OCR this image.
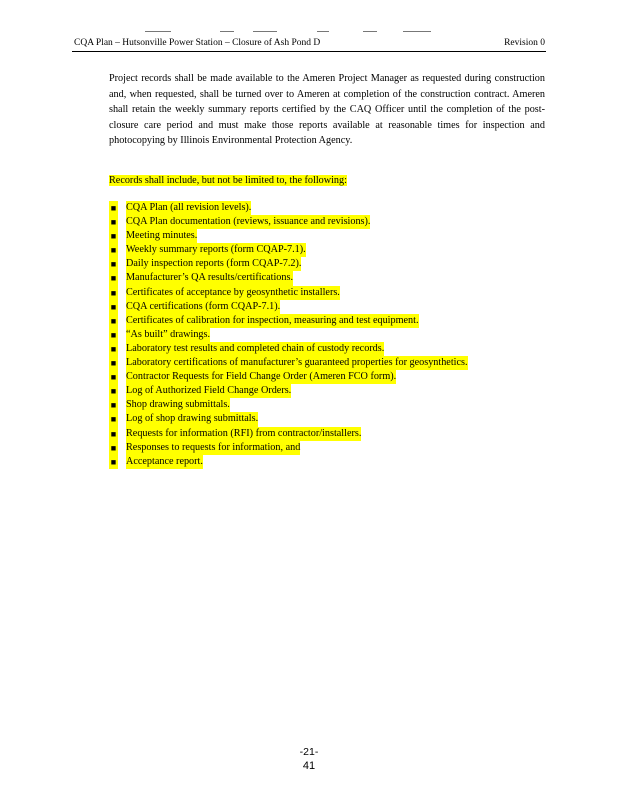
CQA Plan – Hutsonville Power Station – Closure of Ash Pond D	Revision 0
Project records shall be made available to the Ameren Project Manager as requested during construction and, when requested, shall be turned over to Ameren at completion of the construction contract. Ameren shall retain the weekly summary reports certified by the CAQ Officer until the completion of the post-closure care period and must make those reports available at reasonable times for inspection and photocopying by Illinois Environmental Protection Agency.
Records shall include, but not be limited to, the following:
■ CQA Plan (all revision levels).
■ CQA Plan documentation (reviews, issuance and revisions).
■ Meeting minutes.
■ Weekly summary reports (form CQAP-7.1).
■ Daily inspection reports (form CQAP-7.2).
■ Manufacturer’s QA results/certifications.
■ Certificates of acceptance by geosynthetic installers.
■ CQA certifications (form CQAP-7.1).
■ Certificates of calibration for inspection, measuring and test equipment.
■ “As built” drawings.
■ Laboratory test results and completed chain of custody records.
■ Laboratory certifications of manufacturer’s guaranteed properties for geosynthetics.
■ Contractor Requests for Field Change Order (Ameren FCO form).
■ Log of Authorized Field Change Orders.
■ Shop drawing submittals.
■ Log of shop drawing submittals.
■ Requests for information (RFI) from contractor/installers.
■ Responses to requests for information, and
■ Acceptance report.
-21-
41
